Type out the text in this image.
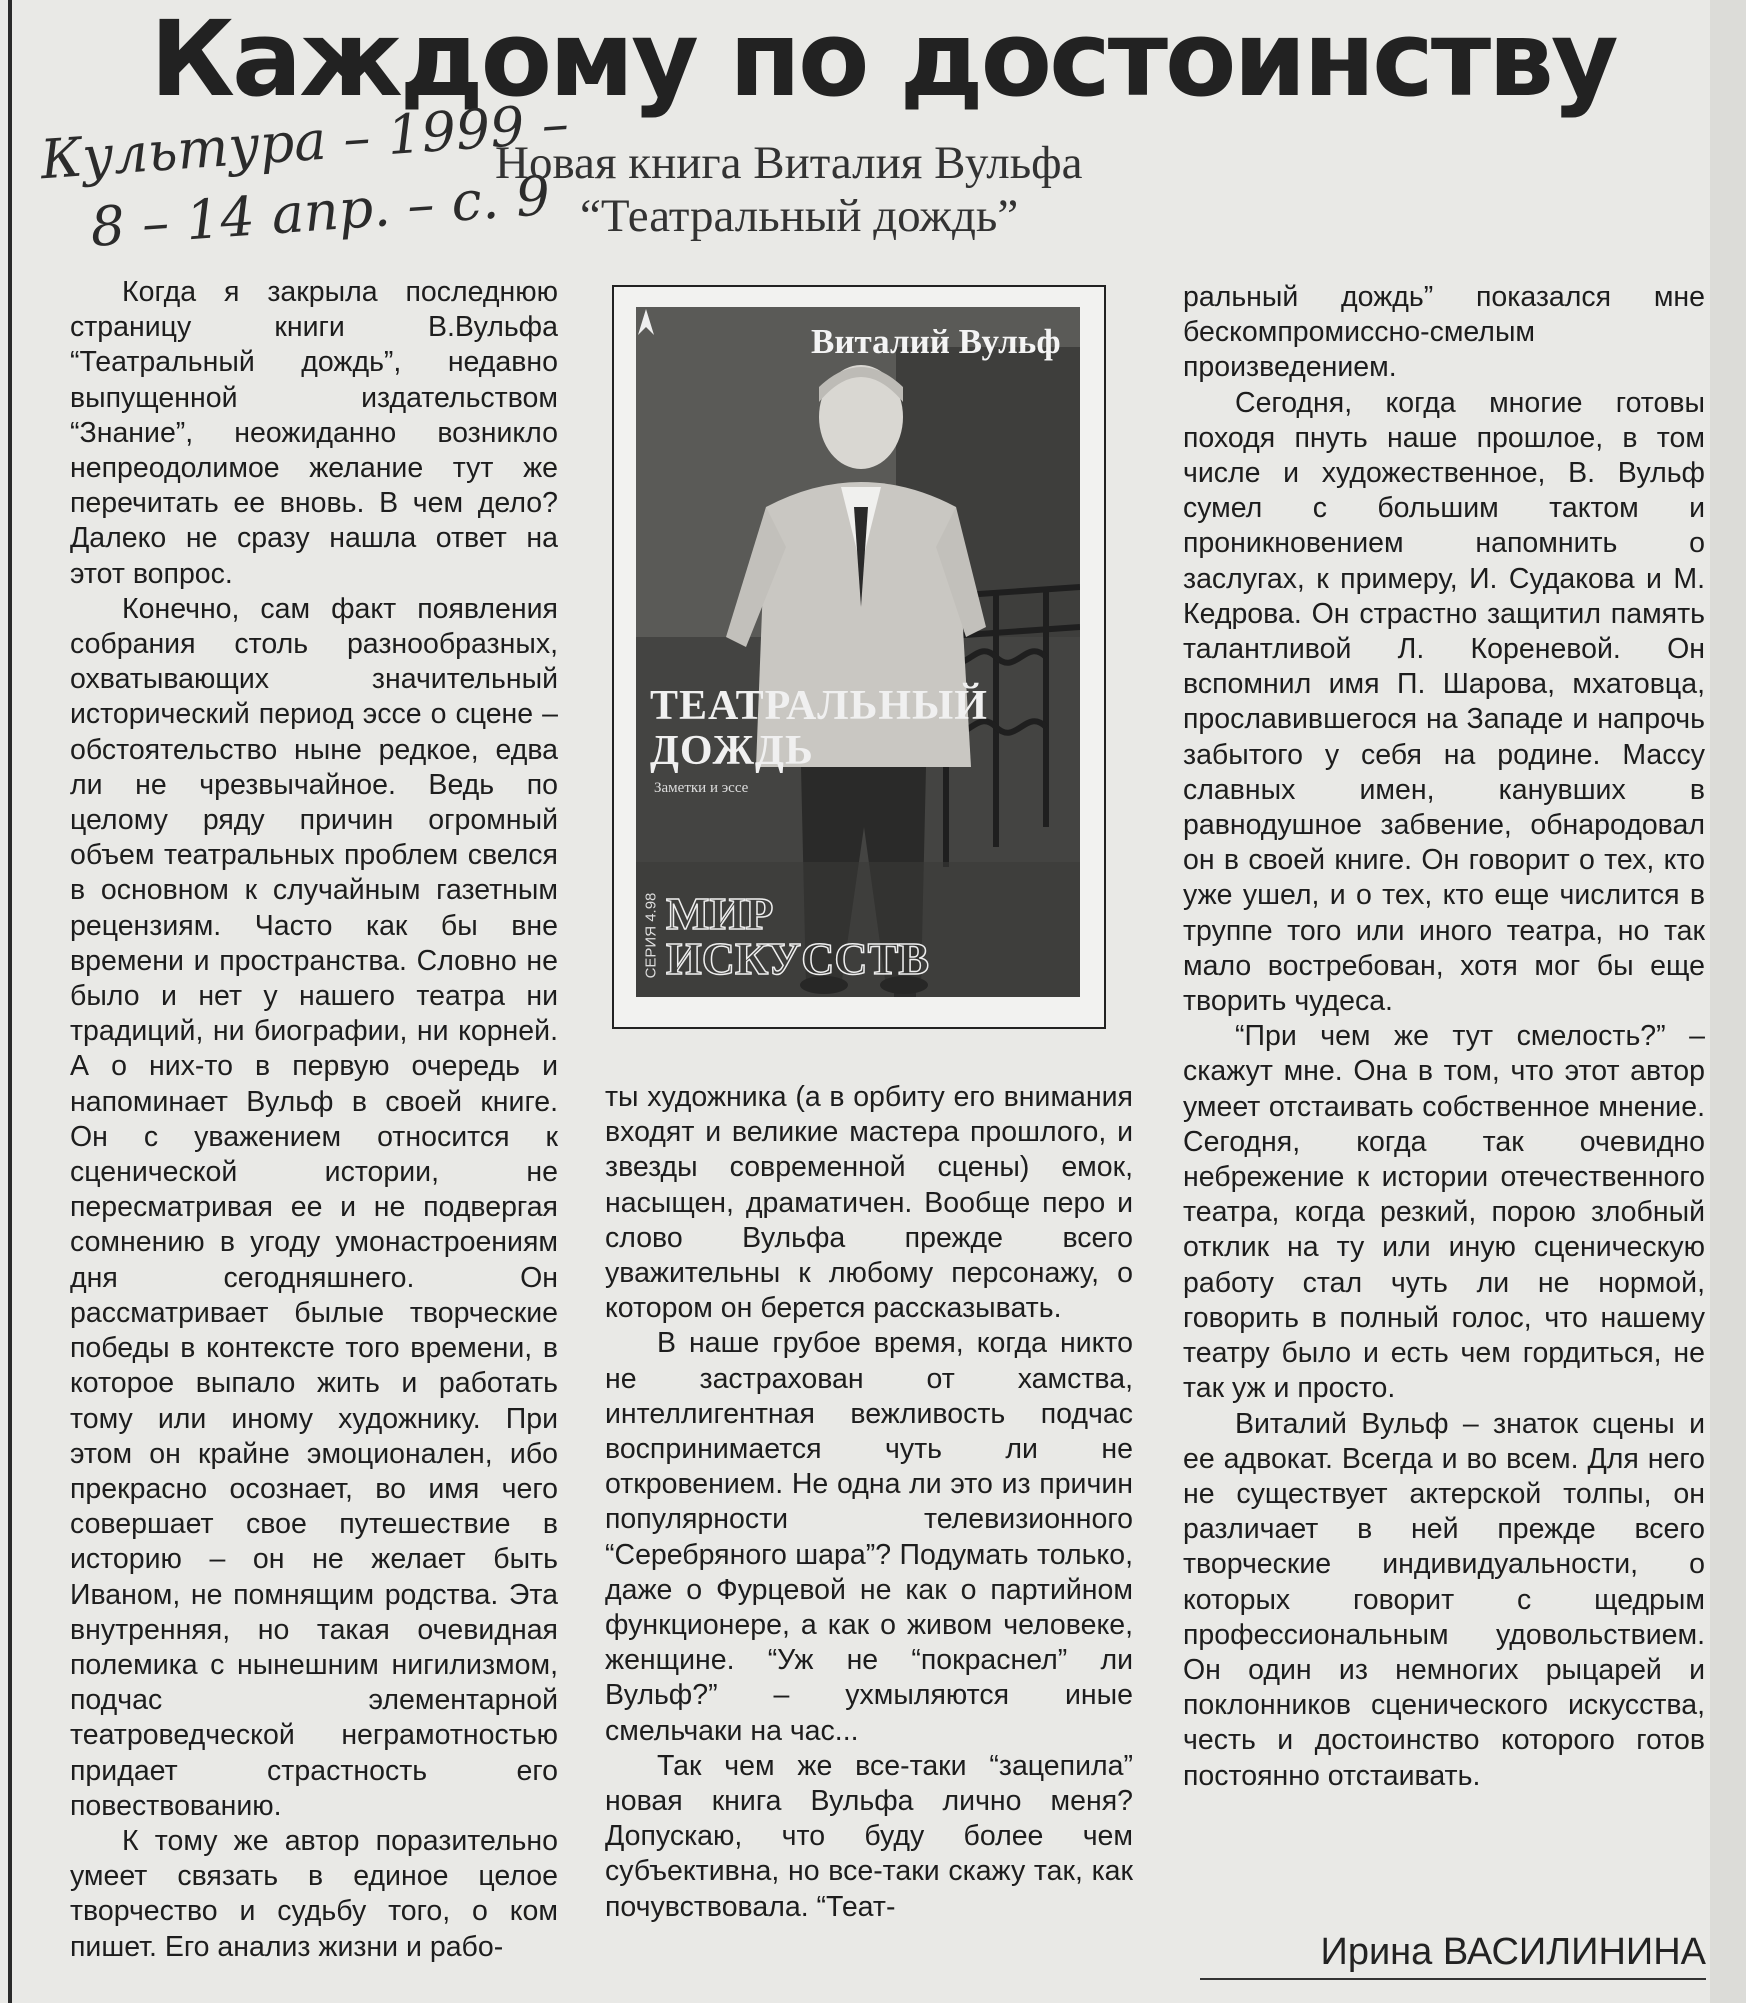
Каждому по достоинству
Культура – 1999 –
8 – 14 апр. – с. 9
Новая книга Виталия Вульфа
“Театральный дождь”

Когда я закрыла последнюю страницу книги В.Вульфа “Театральный дождь”, недавно выпущенной издательством “Знание”, неожиданно возникло непреодолимое желание тут же перечитать ее вновь. В чем дело? Далеко не сразу нашла ответ на этот вопрос.

Конечно, сам факт появления собрания столь разнообразных, охватывающих значительный исторический период эссе о сцене – обстоятельство ныне редкое, едва ли не чрезвычайное. Ведь по целому ряду причин огромный объем театральных проблем свелся в основном к случайным газетным рецензиям. Часто как бы вне времени и пространства. Словно не было и нет у нашего театра ни традиций, ни биографии, ни корней. А о них-то в первую очередь и напоминает Вульф в своей книге. Он с уважением относится к сценической истории, не пересматривая ее и не подвергая сомнению в угоду умонастроениям дня сегодняшнего. Он рассматривает былые творческие победы в контексте того времени, в которое выпало жить и работать тому или иному художнику. При этом он крайне эмоционален, ибо прекрасно осознает, во имя чего совершает свое путешествие в историю – он не желает быть Иваном, не помнящим родства. Эта внутренняя, но такая очевидная полемика с нынешним нигилизмом, подчас элементарной театроведческой неграмотностью придает страстность его повествованию.

К тому же автор поразительно умеет связать в единое целое творчество и судьбу того, о ком пишет. Его анализ жизни и рабо-

Виталий Вульф
ТЕАТРАЛЬНЫЙ
ДОЖДЬ
Заметки и эссе
МИР
ИСКУССТВ
СЕРИЯ 4.98

ты художника (а в орбиту его внимания входят и великие мастера прошлого, и звезды современной сцены) емок, насыщен, драматичен. Вообще перо и слово Вульфа прежде всего уважительны к любому персонажу, о котором он берется рассказывать.

В наше грубое время, когда никто не застрахован от хамства, интеллигентная вежливость подчас воспринимается чуть ли не откровением. Не одна ли это из причин популярности телевизионного “Серебряного шара”? Подумать только, даже о Фурцевой не как о партийном функционере, а как о живом человеке, женщине. “Уж не “покраснел” ли Вульф?” – ухмыляются иные смельчаки на час...

Так чем же все-таки “зацепила” новая книга Вульфа лично меня? Допускаю, что буду более чем субъективна, но все-таки скажу так, как почувствовала. “Теат-

ральный дождь” показался мне бескомпромиссно-смелым произведением.

Сегодня, когда многие готовы походя пнуть наше прошлое, в том числе и художественное, В. Вульф сумел с большим тактом и проникновением напомнить о заслугах, к примеру, И. Судакова и М. Кедрова. Он страстно защитил память талантливой Л. Кореневой. Он вспомнил имя П. Шарова, мхатовца, прославившегося на Западе и напрочь забытого у себя на родине. Массу славных имен, канувших в равнодушное забвение, обнародовал он в своей книге. Он говорит о тех, кто уже ушел, и о тех, кто еще числится в труппе того или иного театра, но так мало востребован, хотя мог бы еще творить чудеса.

“При чем же тут смелость?” – скажут мне. Она в том, что этот автор умеет отстаивать собственное мнение. Сегодня, когда так очевидно небрежение к истории отечественного театра, когда резкий, порою злобный отклик на ту или иную сценическую работу стал чуть ли не нормой, говорить в полный голос, что нашему театру было и есть чем гордиться, не так уж и просто.

Виталий Вульф – знаток сцены и ее адвокат. Всегда и во всем. Для него не существует актерской толпы, он различает в ней прежде всего творческие индивидуальности, о которых говорит с щедрым профессиональным удовольствием. Он один из немногих рыцарей и поклонников сценического искусства, честь и достоинство которого готов постоянно отстаивать.

Ирина ВАСИЛИНИНА
